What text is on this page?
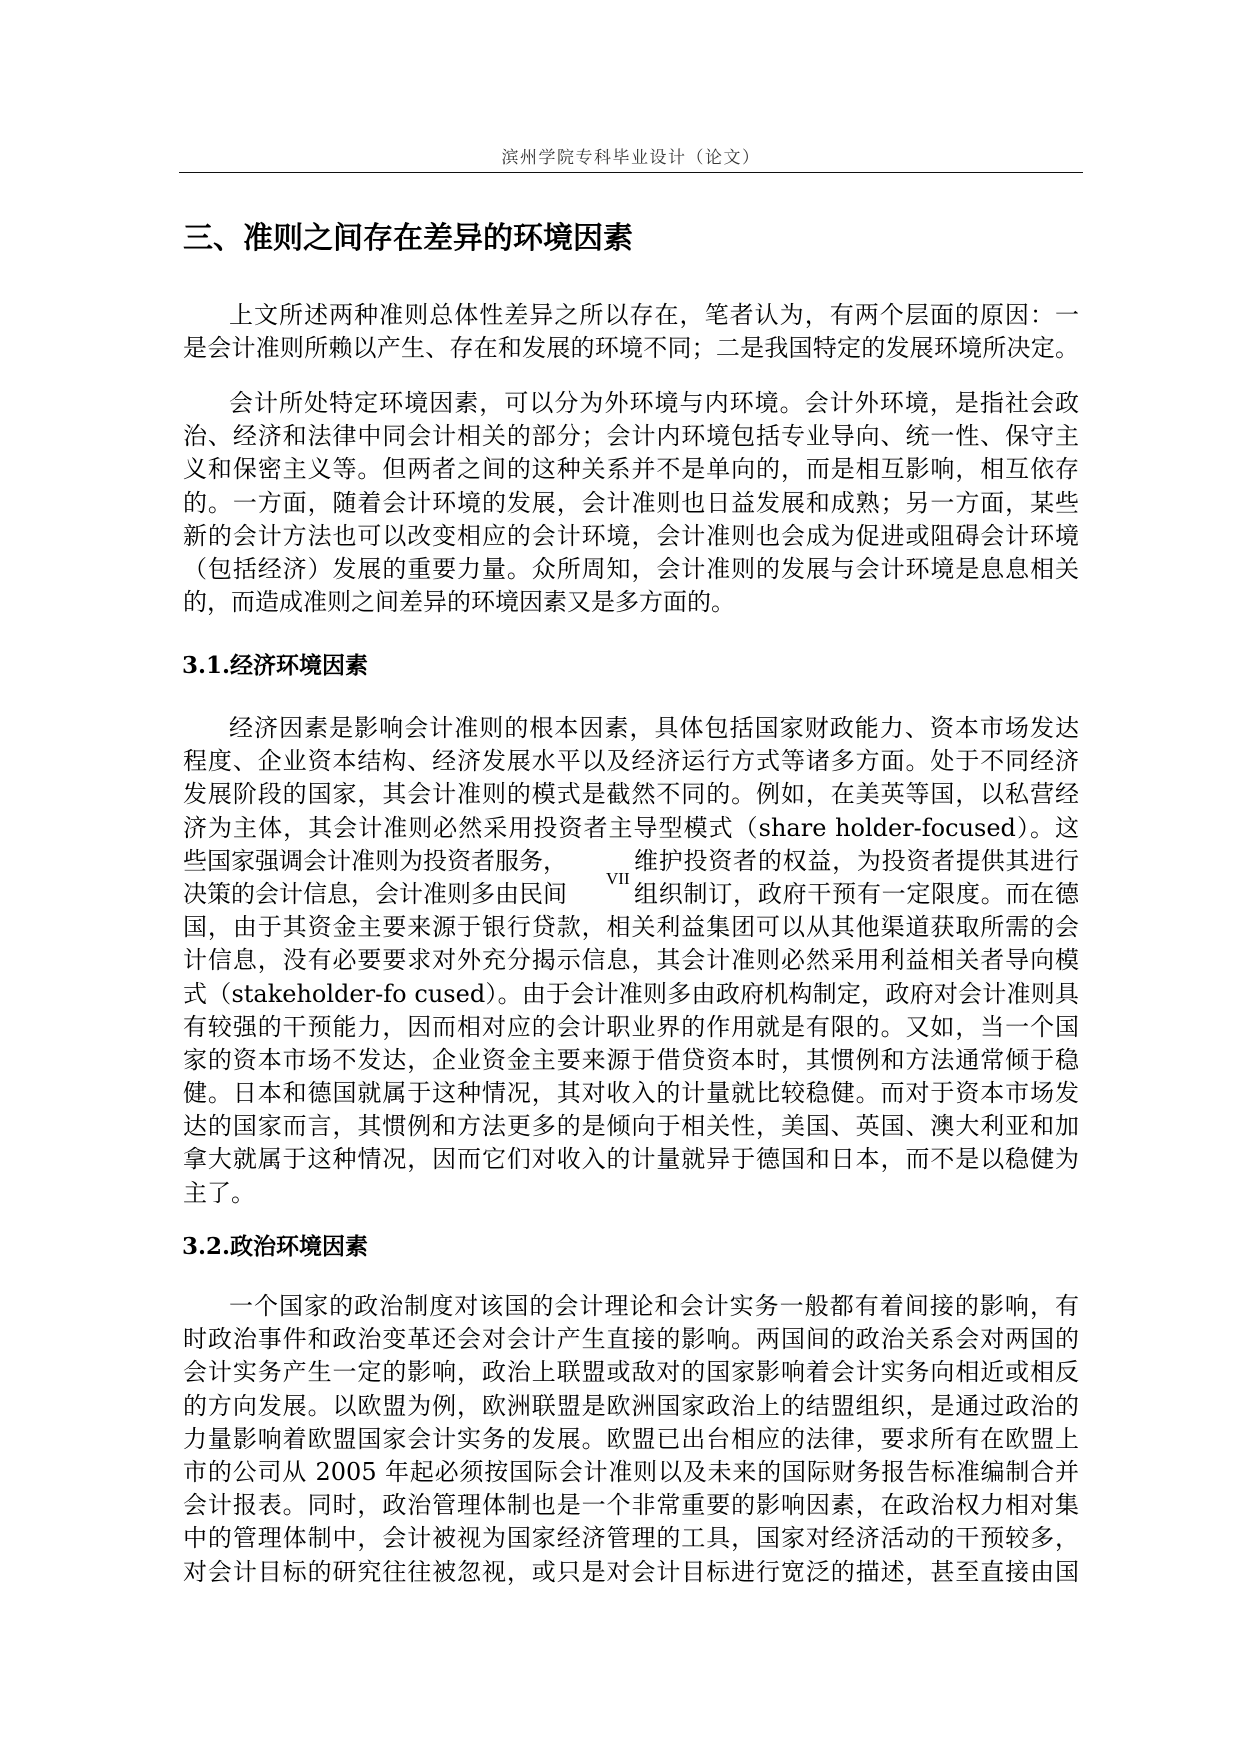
滨州学院专科毕业设计（论文）
三、准则之间存在差异的环境因素
上文所述两种准则总体性差异之所以存在，笔者认为，有两个层面的原因：一
是会计准则所赖以产生、存在和发展的环境不同；二是我国特定的发展环境所决定。
会计所处特定环境因素，可以分为外环境与内环境。会计外环境，是指社会政
治、经济和法律中同会计相关的部分；会计内环境包括专业导向、统一性、保守主
义和保密主义等。但两者之间的这种关系并不是单向的，而是相互影响，相互依存
的。一方面，随着会计环境的发展，会计准则也日益发展和成熟；另一方面，某些
新的会计方法也可以改变相应的会计环境，会计准则也会成为促进或阻碍会计环境
（包括经济）发展的重要力量。众所周知，会计准则的发展与会计环境是息息相关
的，而造成准则之间差异的环境因素又是多方面的。
3.1.经济环境因素
经济因素是影响会计准则的根本因素，具体包括国家财政能力、资本市场发达
程度、企业资本结构、经济发展水平以及经济运行方式等诸多方面。处于不同经济
发展阶段的国家，其会计准则的模式是截然不同的。例如，在美英等国，以私营经
济为主体，其会计准则必然采用投资者主导型模式（share holder-focused）。这
些国家强调会计准则为投资者服务，	维护投资者的权益，为投资者提供其进行
决策的会计信息，会计准则多由民间	组织制订，政府干预有一定限度。而在德
国，由于其资金主要来源于银行贷款，相关利益集团可以从其他渠道获取所需的会
计信息，没有必要要求对外充分揭示信息，其会计准则必然采用利益相关者导向模
式（stakeholder-fo cused）。由于会计准则多由政府机构制定，政府对会计准则具
有较强的干预能力，因而相对应的会计职业界的作用就是有限的。又如，当一个国
家的资本市场不发达，企业资金主要来源于借贷资本时，其惯例和方法通常倾于稳
健。日本和德国就属于这种情况，其对收入的计量就比较稳健。而对于资本市场发
达的国家而言，其惯例和方法更多的是倾向于相关性，美国、英国、澳大利亚和加
拿大就属于这种情况，因而它们对收入的计量就异于德国和日本，而不是以稳健为
主了。
VII
3.2.政治环境因素
一个国家的政治制度对该国的会计理论和会计实务一般都有着间接的影响，有
时政治事件和政治变革还会对会计产生直接的影响。两国间的政治关系会对两国的
会计实务产生一定的影响，政治上联盟或敌对的国家影响着会计实务向相近或相反
的方向发展。以欧盟为例，欧洲联盟是欧洲国家政治上的结盟组织，是通过政治的
力量影响着欧盟国家会计实务的发展。欧盟已出台相应的法律，要求所有在欧盟上
市的公司从 2005 年起必须按国际会计准则以及未来的国际财务报告标准编制合并
会计报表。同时，政治管理体制也是一个非常重要的影响因素，在政治权力相对集
中的管理体制中，会计被视为国家经济管理的工具，国家对经济活动的干预较多，
对会计目标的研究往往被忽视，或只是对会计目标进行宽泛的描述，甚至直接由国
